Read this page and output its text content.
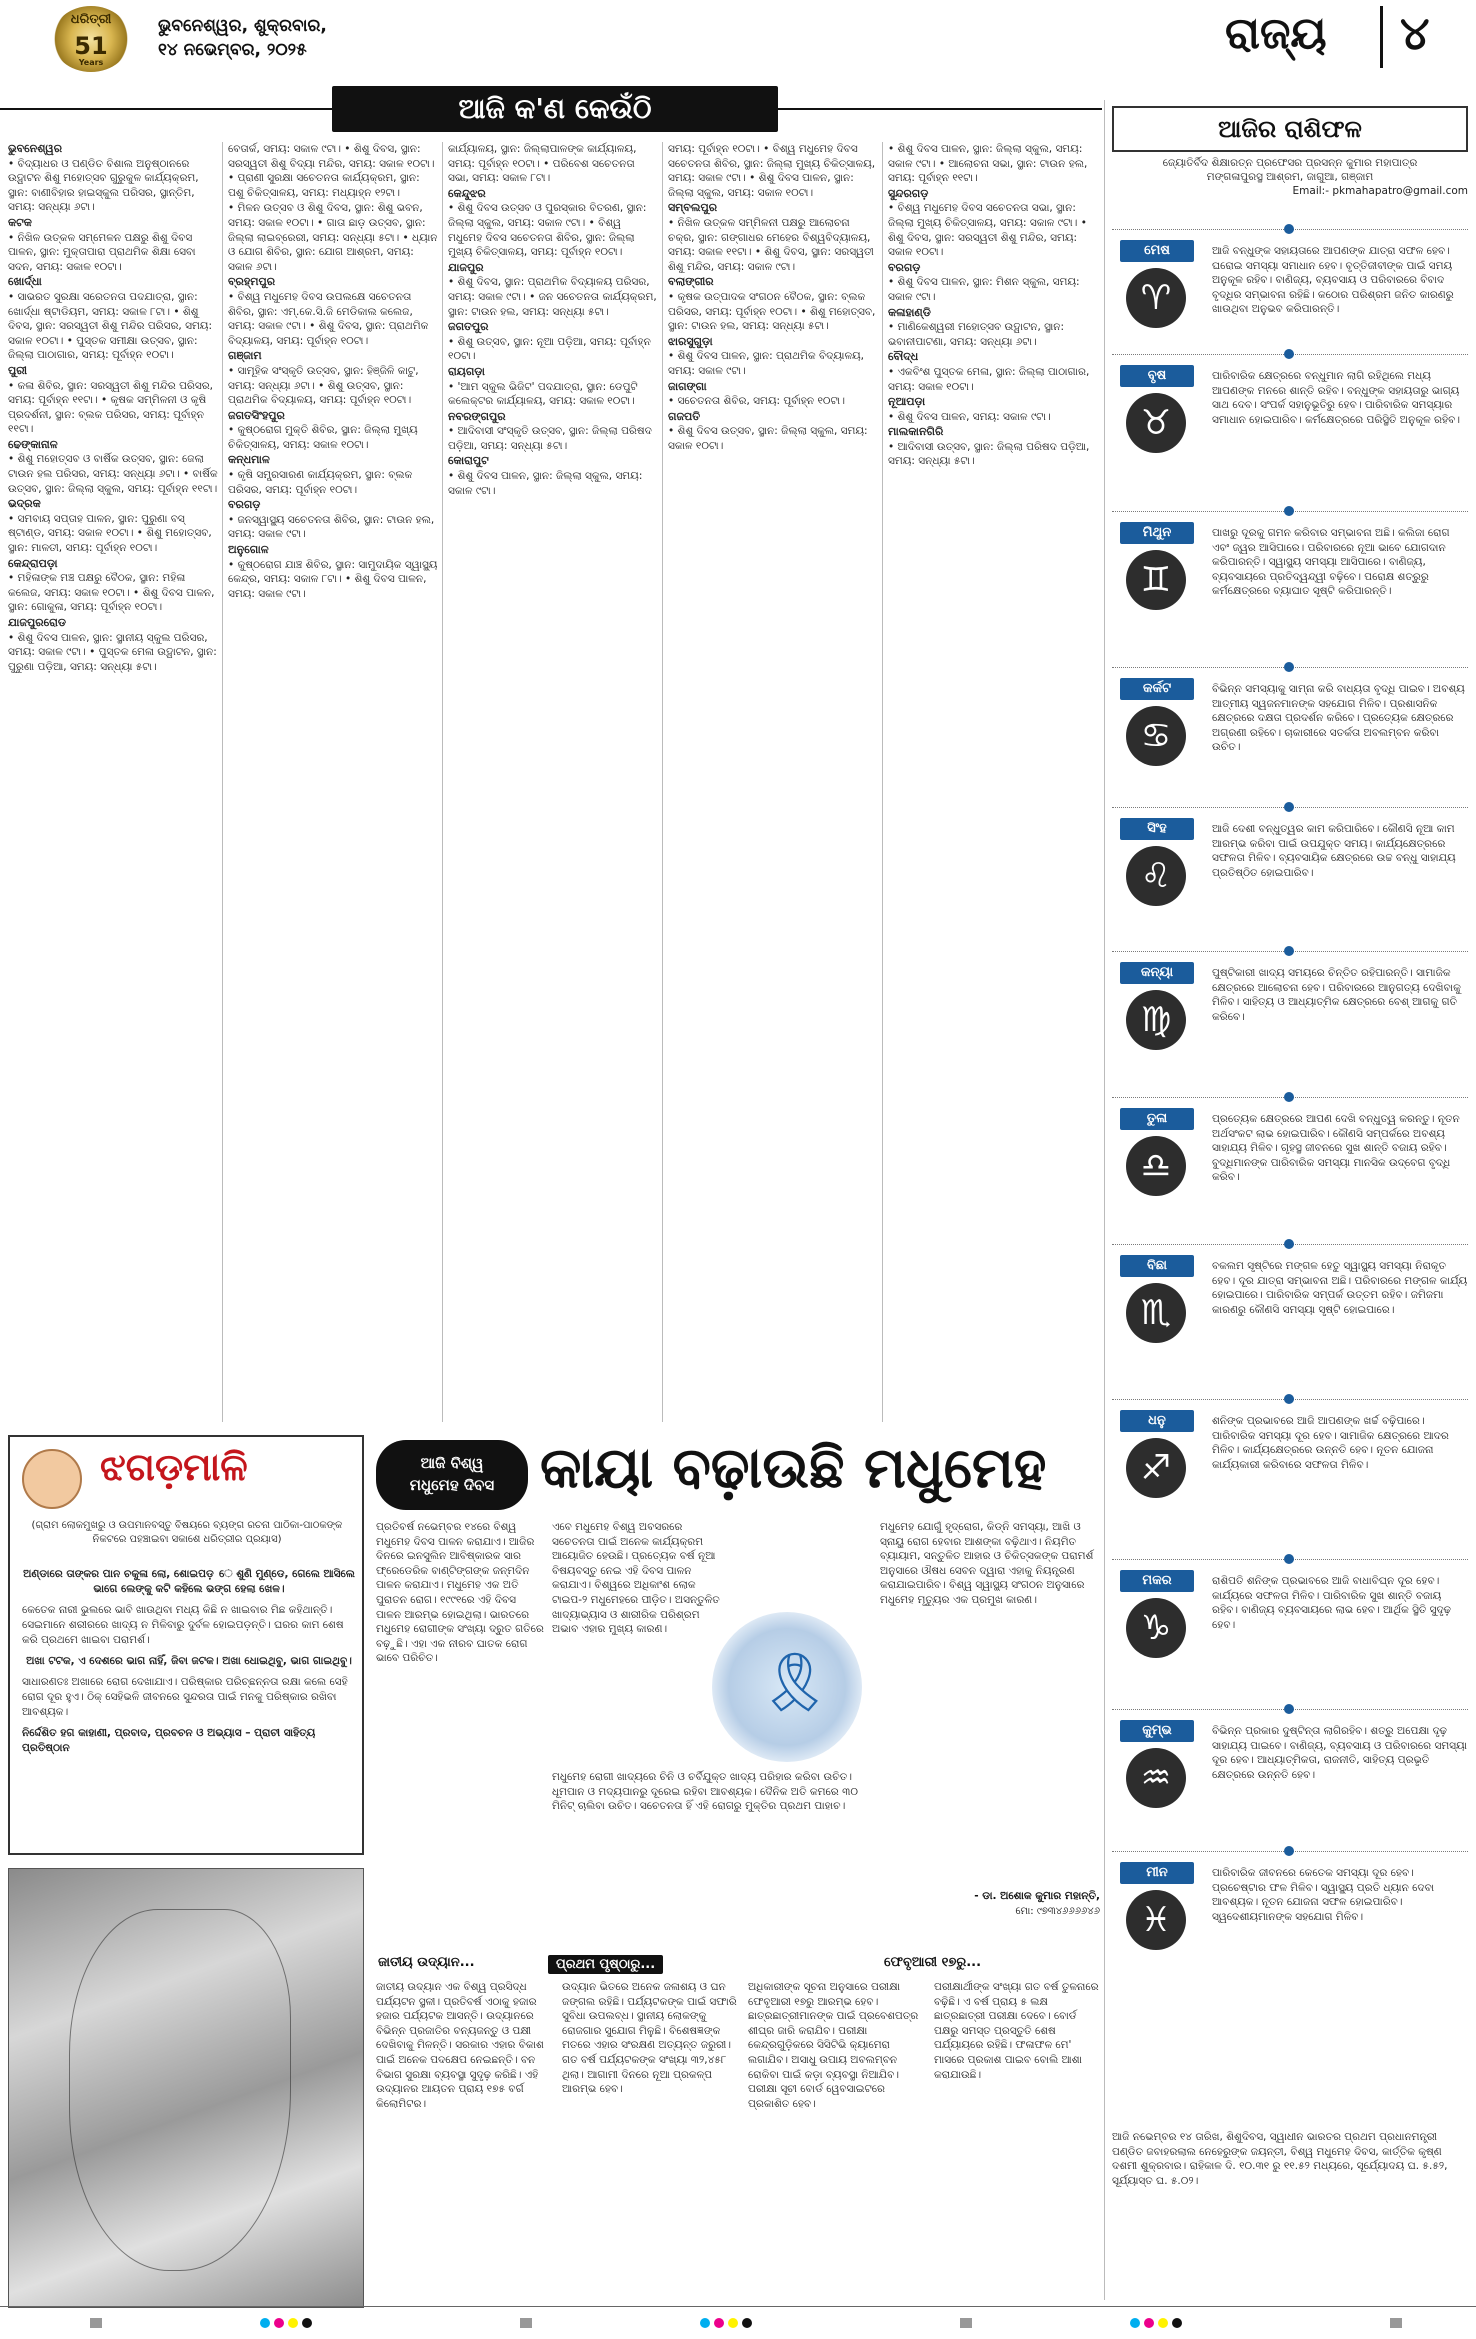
ଧରିତ୍ରୀ
51
Years
ଭୁବନେଶ୍ୱର, ଶୁକ୍ରବାର,
୧୪ ନଭେମ୍ବର, ୨୦୨୫	ରାଜ୍ୟ ୪
ଆଜି କ'ଣ କେଉଁଠି
ଭୁବନେଶ୍ୱର

• ବିଦ୍ୟାଧର ଓ ପଣ୍ଡିତ ବିଶାଲ ଅନୁଷ୍ଠାନରେ ଉଦ୍ଘାଟନ ଶିଶୁ ମହୋତ୍ସବ ଗୁରୁକୁଳ କାର୍ଯ୍ୟକ୍ରମ, ସ୍ଥାନ: ବାଣୀବିହାର ହାଇସ୍କୁଲ ପରିସର, ସ୍ଥାନ୍ତିମ, ସମୟ: ସନ୍ଧ୍ୟା ୬ଟା।

କଟକ

• ନିଖିଳ ଉତ୍କଳ ସମ୍ମେଳନ ପକ୍ଷରୁ ଶିଶୁ ଦିବସ ପାଳନ, ସ୍ଥାନ: ମୁକ୍ତାପାରା ପ୍ରାଥମିକ ଶିକ୍ଷା ସେବା ସଦନ, ସମୟ: ସକାଳ ୧୦ଟା।

ଖୋର୍ଦ୍ଧା

• ସାଭରତ ସୁରକ୍ଷା ସରେତନତା ପଦଯାତ୍ରା, ସ୍ଥାନ: ଖୋର୍ଦ୍ଧା ଷ୍ଟାଡିୟମ, ସମୟ: ସକାଳ ୮ଟା। • ଶିଶୁ ଦିବସ, ସ୍ଥାନ: ସରସ୍ୱତୀ ଶିଶୁ ମନ୍ଦିର ପରିସର, ସମୟ: ସକାଳ ୧୦ଟା। • ପୁସ୍ତକ ସମୀକ୍ଷା ଉତ୍ସବ, ସ୍ଥାନ: ଜିଲ୍ଲା ପାଠାଗାର, ସମୟ: ପୂର୍ବାହ୍ନ ୧୦ଟା।

ପୁରୀ

• କଳା ଶିବିର, ସ୍ଥାନ: ସରସ୍ୱତୀ ଶିଶୁ ମନ୍ଦିର ପରିସର, ସମୟ: ପୂର୍ବାହ୍ନ ୧୧ଟା। • କୃଷକ ସମ୍ମିଳନୀ ଓ କୃଷି ପ୍ରଦର୍ଶନୀ, ସ୍ଥାନ: ବ୍ଲକ ପରିସର, ସମୟ: ପୂର୍ବାହ୍ନ ୧୧ଟା।

ଢେଙ୍କାନାଳ

• ଶିଶୁ ମହୋତ୍ସବ ଓ ବାର୍ଷିକ ଉତ୍ସବ, ସ୍ଥାନ: ଜେଲା ଟାଉନ ହଲ ପରିସର, ସମୟ: ସନ୍ଧ୍ୟା ୬ଟା। • ବାର୍ଷିକ ଉତ୍ସବ, ସ୍ଥାନ: ଜିଲ୍ଲା ସ୍କୁଲ, ସମୟ: ପୂର୍ବାହ୍ନ ୧୧ଟା।

ଭଦ୍ରକ

• ସମବାୟ ସପ୍ତାହ ପାଳନ, ସ୍ଥାନ: ପୁରୁଣା ବସ୍ ଷ୍ଟାଣ୍ଡ, ସମୟ: ସକାଳ ୧୦ଟା। • ଶିଶୁ ମହୋତ୍ସବ, ସ୍ଥାନ: ମାଳତୀ, ସମୟ: ପୂର୍ବାହ୍ନ ୧୦ଟା।

କେନ୍ଦ୍ରାପଡ଼ା

• ମହିଳାଙ୍କ ମଞ୍ଚ ପକ୍ଷରୁ ବୈଠକ, ସ୍ଥାନ: ମହିଳା କଲେଜ, ସମୟ: ସକାଳ ୧୦ଟା। • ଶିଶୁ ଦିବସ ପାଳନ, ସ୍ଥାନ: ଗୋକୁଳା, ସମୟ: ପୂର୍ବାହ୍ନ ୧୦ଟା।

ଯାଜପୁରରୋଡ

• ଶିଶୁ ଦିବସ ପାଳନ, ସ୍ଥାନ: ସ୍ଥାନୀୟ ସ୍କୁଲ ପରିସର, ସମୟ: ସକାଳ ୯ଟା। • ପୁସ୍ତକ ମେଳା ଉଦ୍ଘାଟନ, ସ୍ଥାନ: ପୁରୁଣା ପଡ଼ିଆ, ସମୟ: ସନ୍ଧ୍ୟା ୫ଟା।

ବେତାର୍କ, ସମୟ: ସକାଳ ୯ଟା। • ଶିଶୁ ଦିବସ, ସ୍ଥାନ: ସରସ୍ୱତୀ ଶିଶୁ ବିଦ୍ୟା ମନ୍ଦିର, ସମୟ: ସକାଳ ୧୦ଟା। • ପ୍ରାଣୀ ସୁରକ୍ଷା ସଚେତନତା କାର୍ଯ୍ୟକ୍ରମ, ସ୍ଥାନ: ପଶୁ ଚିକିତ୍ସାଳୟ, ସମୟ: ମଧ୍ୟାହ୍ନ ୧୨ଟା।

• ମିଳନ ଉତ୍ସବ ଓ ଶିଶୁ ଦିବସ, ସ୍ଥାନ: ଶିଶୁ ଭବନ, ସମୟ: ସକାଳ ୧୦ଟା। • ଗାତା ଛାଡ଼ ଉତ୍ସବ, ସ୍ଥାନ: ଜିଲ୍ଲା ଲାଇବ୍ରେରୀ, ସମୟ: ସନ୍ଧ୍ୟା ୫ଟା। • ଧ୍ୟାନ ଓ ଯୋଗ ଶିବିର, ସ୍ଥାନ: ଯୋଗ ଆଶ୍ରମ, ସମୟ: ସକାଳ ୬ଟା।

ବ୍ରହ୍ମପୁର

• ବିଶ୍ୱ ମଧୁମେହ ଦିବସ ଉପଲକ୍ଷେ ସଚେତନତା ଶିବିର, ସ୍ଥାନ: ଏମ୍.କେ.ସି.ଜି ମେଡିକାଲ କଲେଜ, ସମୟ: ସକାଳ ୯ଟା। • ଶିଶୁ ଦିବସ, ସ୍ଥାନ: ପ୍ରାଥମିକ ବିଦ୍ୟାଳୟ, ସମୟ: ପୂର୍ବାହ୍ନ ୧୦ଟା।

ଗଞ୍ଜାମ

• ସାମୂହିକ ସଂସ୍କୃତି ଉତ୍ସବ, ସ୍ଥାନ: ହିଞ୍ଜିଳି କାଟୁ, ସମୟ: ସନ୍ଧ୍ୟା ୬ଟା। • ଶିଶୁ ଉତ୍ସବ, ସ୍ଥାନ: ପ୍ରାଥମିକ ବିଦ୍ୟାଳୟ, ସମୟ: ପୂର୍ବାହ୍ନ ୧୦ଟା।

ଜଗତସିଂହପୁର

• କୁଷ୍ଠରୋଗ ମୁକ୍ତି ଶିବିର, ସ୍ଥାନ: ଜିଲ୍ଲା ମୁଖ୍ୟ ଚିକିତ୍ସାଳୟ, ସମୟ: ସକାଳ ୧୦ଟା।

କନ୍ଧମାଳ

• କୃଷି ସମ୍ପ୍ରସାରଣ କାର୍ଯ୍ୟକ୍ରମ, ସ୍ଥାନ: ବ୍ଲକ ପରିସର, ସମୟ: ପୂର୍ବାହ୍ନ ୧୦ଟା।

ବରଗଡ଼

• ଜନସ୍ୱାସ୍ଥ୍ୟ ସଚେତନତା ଶିବିର, ସ୍ଥାନ: ଟାଉନ ହଲ, ସମୟ: ସକାଳ ୯ଟା।

ଅନୁଗୋଳ

• କୁଷ୍ଠରୋଗ ଯାଞ୍ଚ ଶିବିର, ସ୍ଥାନ: ସାମୁଦାୟିକ ସ୍ୱାସ୍ଥ୍ୟ କେନ୍ଦ୍ର, ସମୟ: ସକାଳ ୮ଟା। • ଶିଶୁ ଦିବସ ପାଳନ, ସମୟ: ସକାଳ ୯ଟା।

କାର୍ଯ୍ୟାଳୟ, ସ୍ଥାନ: ଜିଲ୍ଲାପାଳଙ୍କ କାର୍ଯ୍ୟାଳୟ, ସମୟ: ପୂର୍ବାହ୍ନ ୧୦ଟା। • ପରିବେଶ ସଚେତନତା ସଭା, ସମୟ: ସକାଳ ୮ଟା।

କେନ୍ଦୁଝର

• ଶିଶୁ ଦିବସ ଉତ୍ସବ ଓ ପୁରସ୍କାର ବିତରଣ, ସ୍ଥାନ: ଜିଲ୍ଲା ସ୍କୁଲ, ସମୟ: ସକାଳ ୯ଟା। • ବିଶ୍ୱ ମଧୁମେହ ଦିବସ ସଚେତନତା ଶିବିର, ସ୍ଥାନ: ଜିଲ୍ଲା ମୁଖ୍ୟ ଚିକିତ୍ସାଳୟ, ସମୟ: ପୂର୍ବାହ୍ନ ୧୦ଟା।

ଯାଜପୁର

• ଶିଶୁ ଦିବସ, ସ୍ଥାନ: ପ୍ରାଥମିକ ବିଦ୍ୟାଳୟ ପରିସର, ସମୟ: ସକାଳ ୯ଟା। • ଜନ ସଚେତନତା କାର୍ଯ୍ୟକ୍ରମ, ସ୍ଥାନ: ଟାଉନ ହଲ, ସମୟ: ସନ୍ଧ୍ୟା ୫ଟା।

ଜଗତପୁର

• ଶିଶୁ ଉତ୍ସବ, ସ୍ଥାନ: ନୂଆ ପଡ଼ିଆ, ସମୟ: ପୂର୍ବାହ୍ନ ୧୦ଟା।

ରାୟଗଡ଼ା

• 'ଆମ ସ୍କୁଲ ଭିଜିଟ' ପଦଯାତ୍ରା, ସ୍ଥାନ: ଡେପୁଟି କଲେକ୍ଟର କାର୍ଯ୍ୟାଳୟ, ସମୟ: ସକାଳ ୧୦ଟା।

ନବରଙ୍ଗପୁର

• ଆଦିବାସୀ ସଂସ୍କୃତି ଉତ୍ସବ, ସ୍ଥାନ: ଜିଲ୍ଲା ପରିଷଦ ପଡ଼ିଆ, ସମୟ: ସନ୍ଧ୍ୟା ୫ଟା।

କୋରାପୁଟ

• ଶିଶୁ ଦିବସ ପାଳନ, ସ୍ଥାନ: ଜିଲ୍ଲା ସ୍କୁଲ, ସମୟ: ସକାଳ ୯ଟା।

ସମୟ: ପୂର୍ବାହ୍ନ ୧୦ଟା। • ବିଶ୍ୱ ମଧୁମେହ ଦିବସ ସଚେତନତା ଶିବିର, ସ୍ଥାନ: ଜିଲ୍ଲା ମୁଖ୍ୟ ଚିକିତ୍ସାଳୟ, ସମୟ: ସକାଳ ୯ଟା। • ଶିଶୁ ଦିବସ ପାଳନ, ସ୍ଥାନ: ଜିଲ୍ଲା ସ୍କୁଲ, ସମୟ: ସକାଳ ୧୦ଟା।

ସମ୍ବଲପୁର

• ନିଖିଳ ଉତ୍କଳ ସମ୍ମିଳନୀ ପକ୍ଷରୁ ଆଲୋଚନା ଚକ୍ର, ସ୍ଥାନ: ଗଙ୍ଗାଧର ମେହେର ବିଶ୍ୱବିଦ୍ୟାଳୟ, ସମୟ: ସକାଳ ୧୧ଟା। • ଶିଶୁ ଦିବସ, ସ୍ଥାନ: ସରସ୍ୱତୀ ଶିଶୁ ମନ୍ଦିର, ସମୟ: ସକାଳ ୯ଟା।

ବଲାଙ୍ଗୀର

• କୃଷକ ଉତ୍ପାଦକ ସଂଗଠନ ବୈଠକ, ସ୍ଥାନ: ବ୍ଲକ ପରିସର, ସମୟ: ପୂର୍ବାହ୍ନ ୧୦ଟା। • ଶିଶୁ ମହୋତ୍ସବ, ସ୍ଥାନ: ଟାଉନ ହଲ, ସମୟ: ସନ୍ଧ୍ୟା ୫ଟା।

ଝାରସୁଗୁଡ଼ା

• ଶିଶୁ ଦିବସ ପାଳନ, ସ୍ଥାନ: ପ୍ରାଥମିକ ବିଦ୍ୟାଳୟ, ସମୟ: ସକାଳ ୯ଟା।

ଜାଗଙ୍ଗା

• ସଚେତନତା ଶିବିର, ସମୟ: ପୂର୍ବାହ୍ନ ୧୦ଟା।

ଗଜପତି

• ଶିଶୁ ଦିବସ ଉତ୍ସବ, ସ୍ଥାନ: ଜିଲ୍ଲା ସ୍କୁଲ, ସମୟ: ସକାଳ ୧୦ଟା।

• ଶିଶୁ ଦିବସ ପାଳନ, ସ୍ଥାନ: ଜିଲ୍ଲା ସ୍କୁଲ, ସମୟ: ସକାଳ ୯ଟା। • ଆଲୋଚନା ସଭା, ସ୍ଥାନ: ଟାଉନ ହଲ, ସମୟ: ପୂର୍ବାହ୍ନ ୧୧ଟା।

ସୁନ୍ଦରଗଡ଼

• ବିଶ୍ୱ ମଧୁମେହ ଦିବସ ସଚେତନତା ସଭା, ସ୍ଥାନ: ଜିଲ୍ଲା ମୁଖ୍ୟ ଚିକିତ୍ସାଳୟ, ସମୟ: ସକାଳ ୯ଟା। • ଶିଶୁ ଦିବସ, ସ୍ଥାନ: ସରସ୍ୱତୀ ଶିଶୁ ମନ୍ଦିର, ସମୟ: ସକାଳ ୧୦ଟା।

ବରଗଡ଼

• ଶିଶୁ ଦିବସ ପାଳନ, ସ୍ଥାନ: ମିଶନ ସ୍କୁଲ, ସମୟ: ସକାଳ ୯ଟା।

କଳାହାଣ୍ଡି

• ମାଣିକେଶ୍ୱରୀ ମହୋତ୍ସବ ଉଦ୍ଘାଟନ, ସ୍ଥାନ: ଭବାନୀପାଟଣା, ସମୟ: ସନ୍ଧ୍ୟା ୬ଟା।

ବୌଦ୍ଧ

• ଏକବିଂଶ ପୁସ୍ତକ ମେଳା, ସ୍ଥାନ: ଜିଲ୍ଲା ପାଠାଗାର, ସମୟ: ସକାଳ ୧୦ଟା।

ନୂଆପଡ଼ା

• ଶିଶୁ ଦିବସ ପାଳନ, ସମୟ: ସକାଳ ୯ଟା।

ମାଲକାନଗିରି

• ଆଦିବାସୀ ଉତ୍ସବ, ସ୍ଥାନ: ଜିଲ୍ଲା ପରିଷଦ ପଡ଼ିଆ, ସମୟ: ସନ୍ଧ୍ୟା ୫ଟା।

ଆଜିର ରାଶିଫଳ
ଜ୍ୟୋତିର୍ବିଦ ଶିକ୍ଷାରତ୍ନ ପ୍ରଫେସର ପ୍ରସନ୍ନ କୁମାର ମହାପାତ୍ର
ମଙ୍ଗଳାପୁରସ୍ଥ ଆଶ୍ରମ, ଜାଗୁଆ, ଗଞ୍ଜାମ
Email:- pkmahapatro@gmail.com
ମେଷ
♈
ଆଜି ବନ୍ଧୁଙ୍କ ସହାୟତାରେ ଆପଣଙ୍କ ଯାତ୍ରା ସଫଳ ହେବ। ଘରୋଇ ସମସ୍ୟା ସମାଧାନ ହେବ। ବୃତ୍ତିଜୀବୀଙ୍କ ପାଇଁ ସମୟ ଅନୁକୂଳ ରହିବ। ବାଣିଜ୍ୟ, ବ୍ୟବସାୟ ଓ ପରିବାରରେ ବିବାଦ ବୃଦ୍ଧିର ସମ୍ଭାବନା ରହିଛି। କଠୋର ପରିଶ୍ରମ ଜନିତ କାରଣରୁ ଖାଉଥିବା ଅନୁଭବ କରିପାରନ୍ତି।
ବୃଷ
♉
ପାରିବାରିକ କ୍ଷେତ୍ରରେ ବନ୍ଧୁମାନ ଲାଗି ରହିଥିଲେ ମଧ୍ୟ ଆପଣଙ୍କ ମନରେ ଶାନ୍ତି ରହିବ। ବନ୍ଧୁଙ୍କ ସହାୟତାରୁ ଭାଗ୍ୟ ସାଥ ଦେବ। ସଂପର୍କ ସହାନୁଭୂତିରୁ ହେବ। ପାରିବାରିକ ସମସ୍ୟାର ସମାଧାନ ହୋଇପାରିବ। କର୍ମକ୍ଷେତ୍ରରେ ପରିସ୍ଥିତି ଅନୁକୂଳ ରହିବ।
ମିଥୁନ
♊
ପାଖରୁ ଦୂରକୁ ଗମନ କରିବାର ସମ୍ଭାବନା ଅଛି। କଲିଜା ରୋଗ ଏବଂ ଜ୍ୱର ଆସିପାରେ। ପରିବାରରେ ନୂଆ ଭାବେ ଯୋଗଦାନ କରିପାରନ୍ତି। ସ୍ୱାସ୍ଥ୍ୟ ସମସ୍ୟା ଆସିପାରେ। ବାଣିଜ୍ୟ, ବ୍ୟବସାୟରେ ପ୍ରତିଦ୍ୱନ୍ଦ୍ୱୀ ବଢ଼ିବେ। ପରୋକ୍ଷ ଶତ୍ରୁରୁ କର୍ମକ୍ଷେତ୍ରରେ ବ୍ୟାଘାତ ସୃଷ୍ଟି କରିପାରନ୍ତି।
କର୍କଟ
♋
ବିଭିନ୍ନ ସମସ୍ୟାକୁ ସାମ୍ନା କରି ବାଧ୍ୟତା ବୃଦ୍ଧି ପାଇବ। ଅବଶ୍ୟ ଆତ୍ମୀୟ ସ୍ୱଜନମାନଙ୍କ ସହଯୋଗ ମିଳିବ। ପ୍ରଶାସନିକ କ୍ଷେତ୍ରରେ ଦକ୍ଷତା ପ୍ରଦର୍ଶନ କରିବେ। ପ୍ରତ୍ୟେକ କ୍ଷେତ୍ରରେ ଅଗ୍ରଣୀ ରହିବେ। ଚାକାରୀରେ ସତର୍କତା ଅବଲମ୍ବନ କରିବା ଉଚିତ।
ସିଂହ
♌
ଆଜି ଦେଶୀ ବନ୍ଧୁତ୍ୱର କାମ କରିପାରିବେ। କୌଣସି ନୂଆ କାମ ଆରମ୍ଭ କରିବା ପାଇଁ ଉପଯୁକ୍ତ ସମୟ। କାର୍ଯ୍ୟକ୍ଷେତ୍ରରେ ସଫଳତା ମିଳିବ। ବ୍ୟବସାୟିକ କ୍ଷେତ୍ରରେ ଉଚ୍ଚ ବନ୍ଧୁ ସାହାଯ୍ୟ ପ୍ରତିଷ୍ଠିତ ହୋଇପାରିବ।
କନ୍ୟା
♍
ପୁଷ୍ଟିକାରୀ ଖାଦ୍ୟ ସମୟରେ ଚିନ୍ତିତ ରହିପାରନ୍ତି। ସାମାଜିକ କ୍ଷେତ୍ରରେ ଆଲୋଚନା ହେବ। ପରିବାରରେ ଆନୁଗତ୍ୟ ଦେଖିବାକୁ ମିଳିବ। ସାହିତ୍ୟ ଓ ଆଧ୍ୟାତ୍ମିକ କ୍ଷେତ୍ରରେ ବେଶ୍ ଆଗକୁ ଗତି କରିବେ।
ତୁଳା
♎
ପ୍ରତ୍ୟେକ କ୍ଷେତ୍ରରେ ଆପଣ ଦେଖି ବନ୍ଧୁତ୍ୱ କରନ୍ତୁ। ନୂତନ ଅର୍ଥସଂକଟ ଲାଭ ହୋଇପାରିବ। କୌଣସି ସମ୍ପର୍କରେ ଅବଶ୍ୟ ସାହାଯ୍ୟ ମିଳିବ। ଗୃହସ୍ଥ ଜୀବନରେ ସୁଖ ଶାନ୍ତି ବଜାୟ ରହିବ। ବୁଦ୍ଧିମାନଙ୍କ ପାରିବାରିକ ସମସ୍ୟା ମାନସିକ ଉଦ୍ବେଗ ବୃଦ୍ଧି କରିବ।
ବିଛା
♏
ବକଲମ ସୃଷ୍ଟିରେ ମଙ୍ଗଳ ହେତୁ ସ୍ୱାସ୍ଥ୍ୟ ସମସ୍ୟା ନିରାକୃତ ହେବ। ଦୂର ଯାତ୍ରା ସମ୍ଭାବନା ଅଛି। ପରିବାରରେ ମଙ୍ଗଳ କାର୍ଯ୍ୟ ହୋଇପାରେ। ପାରିବାରିକ ସମ୍ପର୍କ ଉତ୍ତମ ରହିବ। ଜମିଜମା କାରଣରୁ କୌଣସି ସମସ୍ୟା ସୃଷ୍ଟି ହୋଇପାରେ।
ଧନୁ
♐
ଶନିଙ୍କ ପ୍ରଭାବରେ ଆଜି ଆପଣଙ୍କ ଖର୍ଚ୍ଚ ବଢ଼ିପାରେ। ପାରିବାରିକ ସମସ୍ୟା ଦୂର ହେବ। ସାମାଜିକ କ୍ଷେତ୍ରରେ ଆଦର ମିଳିବ। କାର୍ଯ୍ୟକ୍ଷେତ୍ରରେ ଉନ୍ନତି ହେବ। ନୂତନ ଯୋଜନା କାର୍ଯ୍ୟକାରୀ କରିବାରେ ସଫଳତା ମିଳିବ।
ମକର
♑
ରାଶିପତି ଶନିଙ୍କ ପ୍ରଭାବରେ ଆଜି ବାଧାବିଘ୍ନ ଦୂର ହେବ। କାର୍ଯ୍ୟରେ ସଫଳତା ମିଳିବ। ପାରିବାରିକ ସୁଖ ଶାନ୍ତି ବଜାୟ ରହିବ। ବାଣିଜ୍ୟ ବ୍ୟବସାୟରେ ଲାଭ ହେବ। ଆର୍ଥିକ ସ୍ଥିତି ସୁଦୃଢ଼ ହେବ।
କୁମ୍ଭ
♒
ବିଭିନ୍ନ ପ୍ରକାର ଦୁଷ୍ଟିନ୍ତା ଲାଗିରହିବ। ଶତ୍ରୁ ଅପେକ୍ଷା ଦୃଢ଼ ସାହାଯ୍ୟ ପାଇବେ। ବାଣିଜ୍ୟ, ବ୍ୟବସାୟ ଓ ପରିବାରରେ ସମସ୍ୟା ଦୂର ହେବ। ଆଧ୍ୟାତ୍ମିକତା, ରାଜନୀତି, ସାହିତ୍ୟ ପ୍ରଭୃତି କ୍ଷେତ୍ରରେ ଉନ୍ନତି ହେବ।
ମୀନ
♓
ପାରିବାରିକ ଜୀବନରେ କେତେକ ସମସ୍ୟା ଦୂର ହେବ। ପ୍ରଚେଷ୍ଟାର ଫଳ ମିଳିବ। ସ୍ୱାସ୍ଥ୍ୟ ପ୍ରତି ଧ୍ୟାନ ଦେବା ଆବଶ୍ୟକ। ନୂତନ ଯୋଜନା ସଫଳ ହୋଇପାରିବ। ସ୍ୱଦେଶୀୟମାନଙ୍କ ସହଯୋଗ ମିଳିବ।
ଆଜି ନଭେମ୍ବର ୧୪ ତାରିଖ, ଶିଶୁଦିବସ, ସ୍ୱାଧୀନ ଭାରତର ପ୍ରଥମ ପ୍ରଧାନମନ୍ତ୍ରୀ ପଣ୍ଡିତ ଜବାହରଲାଲ ନେହେରୁଙ୍କ ଜୟନ୍ତୀ, ବିଶ୍ୱ ମଧୁମେହ ଦିବସ, କାର୍ତ୍ତିକ କୃଷ୍ଣ ଦଶମୀ ଶୁକ୍ରବାର। ରାହିକାଳ ଦି. ୧୦.୩୧ ରୁ ୧୧.୫୨ ମଧ୍ୟରେ, ସୂର୍ଯ୍ୟୋଦୟ ଘ. ୫.୫୨, ସୂର୍ଯ୍ୟାସ୍ତ ଘ. ୫.୦୨।
ଝଗଡ଼ମାଳି
(ଗ୍ରାମ ଲୋକମୁଖରୁ ଓ ଉପମାନବସ୍ତୁ ବିଷୟରେ ବ୍ୟଙ୍ଗ ରଚନା ପାଠିକା-ପାଠକଙ୍କ ନିକଟରେ ପହଞ୍ଚାଇବା ସକାଶେ ଧରିତ୍ରୀର ପ୍ରୟାସ)
ଅଣ୍ଡାରେ ତାଙ୍କର ପାନ ଚକୁଳା ଲୋ, ଶୋଇପଡ଼ େ ଶୁଣି ମୁଣ୍ଡେ, ଗେଲେ ଆସିଲେ ଭାଗେ ଲେଙ୍କୁ କଟି କହିଲେ ଭଙ୍ଗ ହେଲା ଖେଳ।
କେତେକ ନାରୀ ଭୁଲରେ ଭାବି ଖାଉଥିବା ମଧ୍ୟ କିଛି ନ ଖାଇବାର ମିଛ କହିଥାନ୍ତି। ସେଇମାନେ ଶରୀରରେ ଖାଦ୍ୟ ନ ମିଳିବାରୁ ଦୁର୍ବଳ ହୋଇପଡ଼ନ୍ତି। ଘରର କାମ ଶେଷ କରି ପ୍ରଥମେ ଖାଇବା ପରାମର୍ଶ।
ଅଖା ଟଟକ, ଏ ଦେଶରେ ଭାଗ ନାହିଁ, ଜିବା ଜଟକ। ଅଖା ଧୋଇଥିବୁ, ଭାଗ ଗାଇଥିବୁ।
ସାଧାରଣତଃ ଅଖାରେ ରୋଗ ଦେଖାଯାଏ। ପରିଷ୍କାର ପରିଚ୍ଛନ୍ନତା ରକ୍ଷା କଲେ ସେହି ରୋଗ ଦୂର ହୁଏ। ଠିକ୍ ସେହିଭଳି ଜୀବନରେ ସୁନ୍ଦରତା ପାଇଁ ମନକୁ ପରିଷ୍କାର ରଖିବା ଆବଶ୍ୟକ।
ନିର୍ଦ୍ଦେଶିତ ହଗ କାହାଣୀ, ପ୍ରବାଦ, ପ୍ରବଚନ ଓ ଅଭ୍ୟାସ – ପ୍ରାଚୀ ସାହିତ୍ୟ ପ୍ରତିଷ୍ଠାନ
ଆଜି ବିଶ୍ୱ
ମଧୁମେହ ଦିବସ କାୟା ବଢ଼ାଉଛି ମଧୁମେହ
ପ୍ରତିବର୍ଷ ନଭେମ୍ବର ୧୪ରେ ବିଶ୍ୱ ମଧୁମେହ ଦିବସ ପାଳନ କରାଯାଏ। ଆଜିର ଦିନରେ ଇନସୁଲିନ ଆବିଷ୍କାରକ ସାର ଫ୍ରେଡେରିକ ବାଣ୍ଟିଙ୍ଗଙ୍କ ଜନ୍ମଦିନ ପାଳନ କରାଯାଏ। ମଧୁମେହ ଏକ ଅତି ପୁରାତନ ରୋଗ। ୧୯୯୧ରେ ଏହି ଦିବସ ପାଳନ ଆରମ୍ଭ ହୋଇଥିଲା। ଭାରତରେ ମଧୁମେହ ରୋଗୀଙ୍କ ସଂଖ୍ୟା ଦ୍ରୁତ ଗତିରେ ବଢ଼ୁଛି। ଏହା ଏକ ନୀରବ ଘାତକ ରୋଗ ଭାବେ ପରିଚିତ।
ଏବେ ମଧୁମେହ ବିଶ୍ୱ ଅବସରରେ ସଚେତନତା ପାଇଁ ଅନେକ କାର୍ଯ୍ୟକ୍ରମ ଆୟୋଜିତ ହେଉଛି। ପ୍ରତ୍ୟେକ ବର୍ଷ ନୂଆ ବିଷୟବସ୍ତୁ ନେଇ ଏହି ଦିବସ ପାଳନ କରାଯାଏ। ବିଶ୍ୱରେ ଅଧିକାଂଶ ଲୋକ ଟାଇପ-୨ ମଧୁମେହରେ ପୀଡ଼ିତ। ଅସନ୍ତୁଳିତ ଖାଦ୍ୟାଭ୍ୟାସ ଓ ଶାରୀରିକ ପରିଶ୍ରମ ଅଭାବ ଏହାର ମୁଖ୍ୟ କାରଣ।
🎗
ମଧୁମେହ ଯୋଗୁଁ ହୃଦ୍‌ରୋଗ, କିଡ୍ନି ସମସ୍ୟା, ଆଖି ଓ ସ୍ନାୟୁ ରୋଗ ହେବାର ଆଶଙ୍କା ବଢ଼ିଥାଏ। ନିୟମିତ ବ୍ୟାୟାମ, ସନ୍ତୁଳିତ ଆହାର ଓ ଚିକିତ୍ସକଙ୍କ ପରାମର୍ଶ ଅନୁସାରେ ଔଷଧ ସେବନ ଦ୍ୱାରା ଏହାକୁ ନିୟନ୍ତ୍ରଣ କରାଯାଇପାରିବ। ବିଶ୍ୱ ସ୍ୱାସ୍ଥ୍ୟ ସଂଗଠନ ଅନୁସାରେ ମଧୁମେହ ମୃତ୍ୟୁର ଏକ ପ୍ରମୁଖ କାରଣ।
ମଧୁମେହ ରୋଗୀ ଖାଦ୍ୟରେ ଚିନି ଓ ଚର୍ବିଯୁକ୍ତ ଖାଦ୍ୟ ପରିହାର କରିବା ଉଚିତ। ଧୂମପାନ ଓ ମଦ୍ୟପାନରୁ ଦୂରେଇ ରହିବା ଆବଶ୍ୟକ। ଦୈନିକ ଅତି କମରେ ୩୦ ମିନିଟ୍ ଚାଲିବା ଉଚିତ। ସଚେତନତା ହିଁ ଏହି ରୋଗରୁ ମୁକ୍ତିର ପ୍ରଥମ ପାହାଚ।
- ଡା. ଅଶୋକ କୁମାର ମହାନ୍ତି,
ମୋ: ୯୭୩୪୬୬୬୬୪୬
ଜାତୀୟ ଉଦ୍ୟାନ...	ପ୍ରଥମ ପୃଷ୍ଠାରୁ...	ଫେବୃଆରୀ ୧୭ରୁ...
ଜାତୀୟ ଉଦ୍ୟାନ ଏକ ବିଶ୍ୱ ପ୍ରସିଦ୍ଧ ପର୍ଯ୍ୟଟନ ସ୍ଥଳୀ। ପ୍ରତିବର୍ଷ ଏଠାକୁ ହଜାର ହଜାର ପର୍ଯ୍ୟଟକ ଆସନ୍ତି। ଉଦ୍ୟାନରେ ବିଭିନ୍ନ ପ୍ରଜାତିର ବନ୍ୟଜନ୍ତୁ ଓ ପକ୍ଷୀ ଦେଖିବାକୁ ମିଳନ୍ତି। ସରକାର ଏହାର ବିକାଶ ପାଇଁ ଅନେକ ପଦକ୍ଷେପ ନେଇଛନ୍ତି। ବନ ବିଭାଗ ସୁରକ୍ଷା ବ୍ୟବସ୍ଥା ସୁଦୃଢ଼ କରିଛି। ଏହି ଉଦ୍ୟାନର ଆୟତନ ପ୍ରାୟ ୧୭୫ ବର୍ଗ କିଲୋମିଟର।
ଉଦ୍ୟାନ ଭିତରେ ଅନେକ ଜଳାଶୟ ଓ ଘନ ଜଙ୍ଗଲ ରହିଛି। ପର୍ଯ୍ୟଟକଙ୍କ ପାଇଁ ସଫାରି ସୁବିଧା ଉପଲବ୍ଧ। ସ୍ଥାନୀୟ ଲୋକଙ୍କୁ ରୋଜଗାର ସୁଯୋଗ ମିଳୁଛି। ବିଶେଷଜ୍ଞଙ୍କ ମତରେ ଏହାର ସଂରକ୍ଷଣ ଅତ୍ୟନ୍ତ ଜରୁରୀ। ଗତ ବର୍ଷ ପର୍ଯ୍ୟଟକଙ୍କ ସଂଖ୍ୟା ୩୨,୪୫୮ ଥିଲା। ଆଗାମୀ ଦିନରେ ନୂଆ ପ୍ରକଳ୍ପ ଆରମ୍ଭ ହେବ।
ଅଧିକାରୀଙ୍କ ସୂଚନା ଅନୁସାରେ ପରୀକ୍ଷା ଫେବୃଆରୀ ୧୭ରୁ ଆରମ୍ଭ ହେବ। ଛାତ୍ରଛାତ୍ରୀମାନଙ୍କ ପାଇଁ ପ୍ରବେଶପତ୍ର ଶୀଘ୍ର ଜାରି କରାଯିବ। ପରୀକ୍ଷା କେନ୍ଦ୍ରଗୁଡ଼ିକରେ ସିସିଟିଭି କ୍ୟାମେରା ଲଗାଯିବ। ଅସାଧୁ ଉପାୟ ଅବଲମ୍ବନ ରୋକିବା ପାଇଁ କଡ଼ା ବ୍ୟବସ୍ଥା ନିଆଯିବ। ପରୀକ୍ଷା ସୂଚୀ ବୋର୍ଡ ୱେବସାଇଟରେ ପ୍ରକାଶିତ ହେବ।
ପରୀକ୍ଷାର୍ଥୀଙ୍କ ସଂଖ୍ୟା ଗତ ବର୍ଷ ତୁଳନାରେ ବଢ଼ିଛି। ଏ ବର୍ଷ ପ୍ରାୟ ୫ ଲକ୍ଷ ଛାତ୍ରଛାତ୍ରୀ ପରୀକ୍ଷା ଦେବେ। ବୋର୍ଡ ପକ୍ଷରୁ ସମସ୍ତ ପ୍ରସ୍ତୁତି ଶେଷ ପର୍ଯ୍ୟାୟରେ ରହିଛି। ଫଳାଫଳ ମେ' ମାସରେ ପ୍ରକାଶ ପାଇବ ବୋଲି ଆଶା କରାଯାଉଛି।
